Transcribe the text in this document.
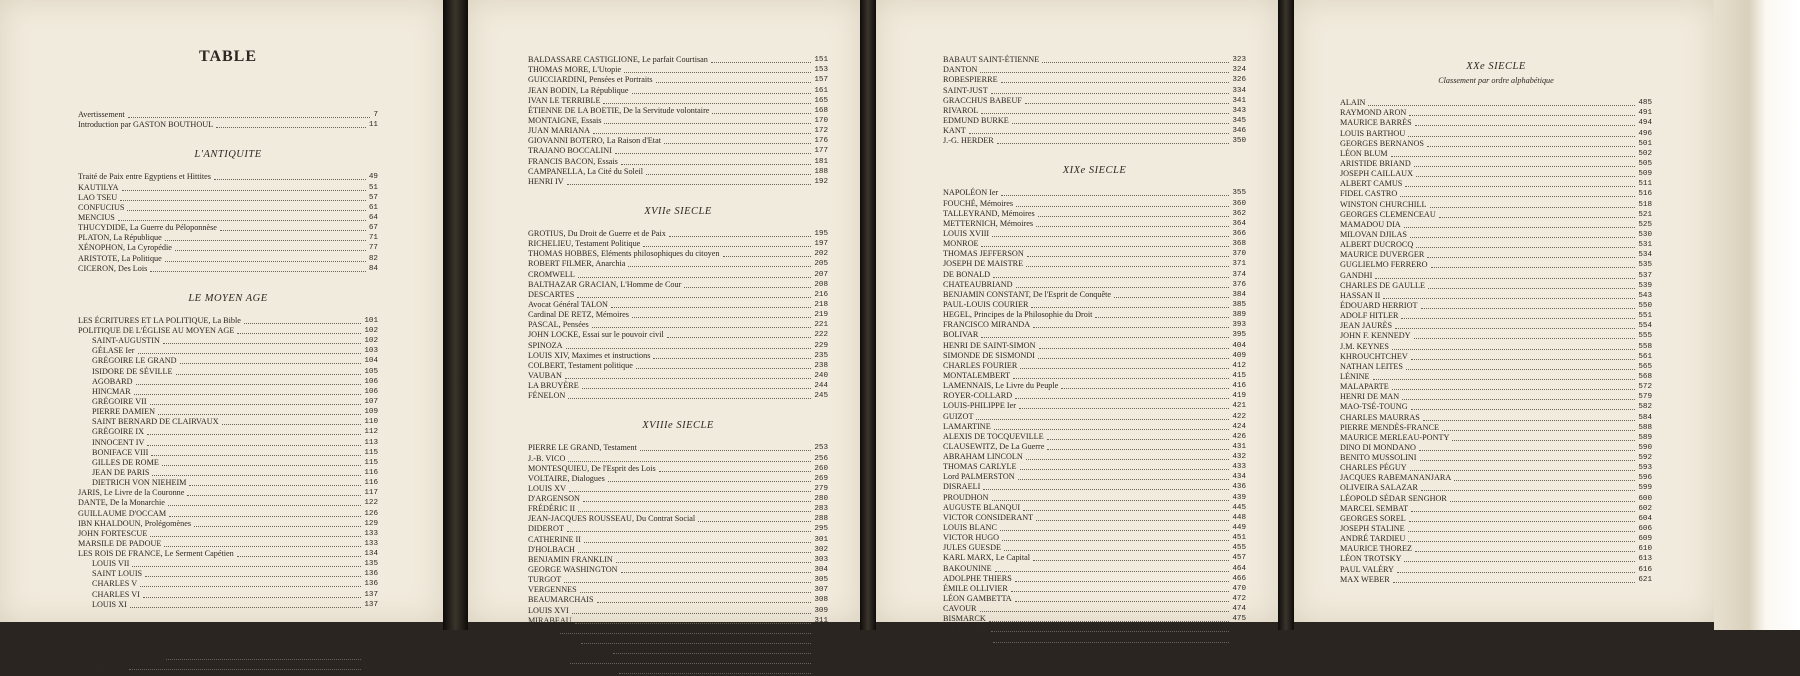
TABLE
Avertissement	7
Introduction par GASTON BOUTHOUL	11
L'ANTIQUITE
Traité de Paix entre Egyptiens et Hittites	49
KAUTILYA	51
LAO TSEU	57
CONFUCIUS	61
MENCIUS	64
THUCYDIDE, La Guerre du Péloponnèse	67
PLATON, La République	71
XÉNOPHON, La Cyropédie	77
ARISTOTE, La Politique	82
CICERON, Des Lois	84
LE MOYEN AGE
LES ÉCRITURES ET LA POLITIQUE, La Bible	101
POLITIQUE DE L'ÉGLISE AU MOYEN AGE	102
SAINT-AUGUSTIN	102
GÉLASE Ier	103
GRÉGOIRE LE GRAND	104
ISIDORE DE SÉVILLE	105
AGOBARD	106
HINCMAR	106
GRÉGOIRE VII	107
PIERRE DAMIEN	109
SAINT BERNARD DE CLAIRVAUX	110
GRÉGOIRE IX	112
INNOCENT IV	113
BONIFACE VIII	115
GILLES DE ROME	115
JEAN DE PARIS	116
DIETRICH VON NIEHEIM	116
JARIS, Le Livre de la Couronne	117
DANTE, De la Monarchie	122
GUILLAUME D'OCCAM	126
IBN KHALDOUN, Prolégomènes	129
JOHN FORTESCUE	133
MARSILE DE PADOUE	133
LES ROIS DE FRANCE, Le Serment Capétien	134
LOUIS VII	135
SAINT LOUIS	136
CHARLES V	136
CHARLES VI	137
LOUIS XI	137
XVIe SIECLE
FRANCESCO PATRIZZI	141
MACHIAVEL	143
BALDASSARE CASTIGLIONE, Le parfait Courtisan	151
THOMAS MORE, L'Utopie	153
GUICCIARDINI, Pensées et Portraits	157
JEAN BODIN, La République	161
IVAN LE TERRIBLE	165
ÉTIENNE DE LA BOETIE, De la Servitude volontaire	168
MONTAIGNE, Essais	170
JUAN MARIANA	172
GIOVANNI BOTERO, La Raison d'Etat	176
TRAJANO BOCCALINI	177
FRANCIS BACON, Essais	181
CAMPANELLA, La Cité du Soleil	188
HENRI IV	192
XVIIe SIECLE
GROTIUS, Du Droit de Guerre et de Paix	195
RICHELIEU, Testament Politique	197
THOMAS HOBBES, Eléments philosophiques du citoyen	202
ROBERT FILMER, Anarchia	205
CROMWELL	207
BALTHAZAR GRACIAN, L'Homme de Cour	208
DESCARTES	216
Avocat Général TALON	218
Cardinal DE RETZ, Mémoires	219
PASCAL, Pensées	221
JOHN LOCKE, Essai sur le pouvoir civil	222
SPINOZA	229
LOUIS XIV, Maximes et instructions	235
COLBERT, Testament politique	238
VAUBAN	240
LA BRUYÈRE	244
FÉNELON	245
XVIIIe SIECLE
PIERRE LE GRAND, Testament	253
J.-B. VICO	256
MONTESQUIEU, De l'Esprit des Lois	260
VOLTAIRE, Dialogues	269
LOUIS XV	279
D'ARGENSON	280
FRÉDÉRIC II	283
JEAN-JACQUES ROUSSEAU, Du Contrat Social	288
DIDEROT	295
CATHERINE II	301
D'HOLBACH	302
BENJAMIN FRANKLIN	303
GEORGE WASHINGTON	304
TURGOT	305
VERGENNES	307
BEAUMARCHAIS	308
LOUIS XVI	309
MIRABEAU	311
MARAT	312
CONDORCET	314
FABRE D'ÉGLANTINE	318
BARNAVE	322
DUPONT DE NEMOURS	323
BABAUT SAINT-ÉTIENNE	323
DANTON	324
ROBESPIERRE	326
SAINT-JUST	334
GRACCHUS BABEUF	341
RIVAROL	343
EDMUND BURKE	345
KANT	346
J.-G. HERDER	350
XIXe SIECLE
NAPOLÉON Ier	355
FOUCHÉ, Mémoires	360
TALLEYRAND, Mémoires	362
METTERNICH, Mémoires	364
LOUIS XVIII	366
MONROE	368
THOMAS JEFFERSON	370
JOSEPH DE MAISTRE	371
DE BONALD	374
CHATEAUBRIAND	376
BENJAMIN CONSTANT, De l'Esprit de Conquête	384
PAUL-LOUIS COURIER	385
HEGEL, Principes de la Philosophie du Droit	389
FRANCISCO MIRANDA	393
BOLIVAR	395
HENRI DE SAINT-SIMON	404
SIMONDE DE SISMONDI	409
CHARLES FOURIER	412
MONTALEMBERT	415
LAMENNAIS, Le Livre du Peuple	416
ROYER-COLLARD	419
LOUIS-PHILIPPE Ier	421
GUIZOT	422
LAMARTINE	424
ALEXIS DE TOCQUEVILLE	426
CLAUSEWITZ, De La Guerre	431
ABRAHAM LINCOLN	432
THOMAS CARLYLE	433
Lord PALMERSTON	434
DISRAELI	436
PROUDHON	439
AUGUSTE BLANQUI	445
VICTOR CONSIDERANT	448
LOUIS BLANC	449
VICTOR HUGO	451
JULES GUESDE	455
KARL MARX, Le Capital	457
BAKOUNINE	464
ADOLPHE THIERS	466
ÉMILE OLLIVIER	470
LÉON GAMBETTA	472
CAVOUR	474
BISMARCK	475
NIETZSCHE	479
JOSÉ MARTI	481
XXe SIECLE
Classement par ordre alphabétique
ALAIN	485
RAYMOND ARON	491
MAURICE BARRÈS	494
LOUIS BARTHOU	496
GEORGES BERNANOS	501
LÉON BLUM	502
ARISTIDE BRIAND	505
JOSEPH CAILLAUX	509
ALBERT CAMUS	511
FIDEL CASTRO	516
WINSTON CHURCHILL	518
GEORGES CLEMENCEAU	521
MAMADOU DIA	525
MILOVAN DJILAS	530
ALBERT DUCROCQ	531
MAURICE DUVERGER	534
GUGLIELMO FERRERO	535
GANDHI	537
CHARLES DE GAULLE	539
HASSAN II	543
ÉDOUARD HERRIOT	550
ADOLF HITLER	551
JEAN JAURÈS	554
JOHN F. KENNEDY	555
J.M. KEYNES	558
KHROUCHTCHEV	561
NATHAN LEITES	565
LÉNINE	568
MALAPARTE	572
HENRI DE MAN	579
MAO-TSÉ-TOUNG	582
CHARLES MAURRAS	584
PIERRE MENDÈS-FRANCE	588
MAURICE MERLEAU-PONTY	589
DINO DI MONDANO	590
BENITO MUSSOLINI	592
CHARLES PÉGUY	593
JACQUES RABEMANANJARA	596
OLIVEIRA SALAZAR	599
LÉOPOLD SÉDAR SENGHOR	600
MARCEL SEMBAT	602
GEORGES SOREL	604
JOSEPH STALINE	606
ANDRÉ TARDIEU	609
MAURICE THOREZ	610
LÉON TROTSKY	613
PAUL VALÉRY	616
MAX WEBER	621
